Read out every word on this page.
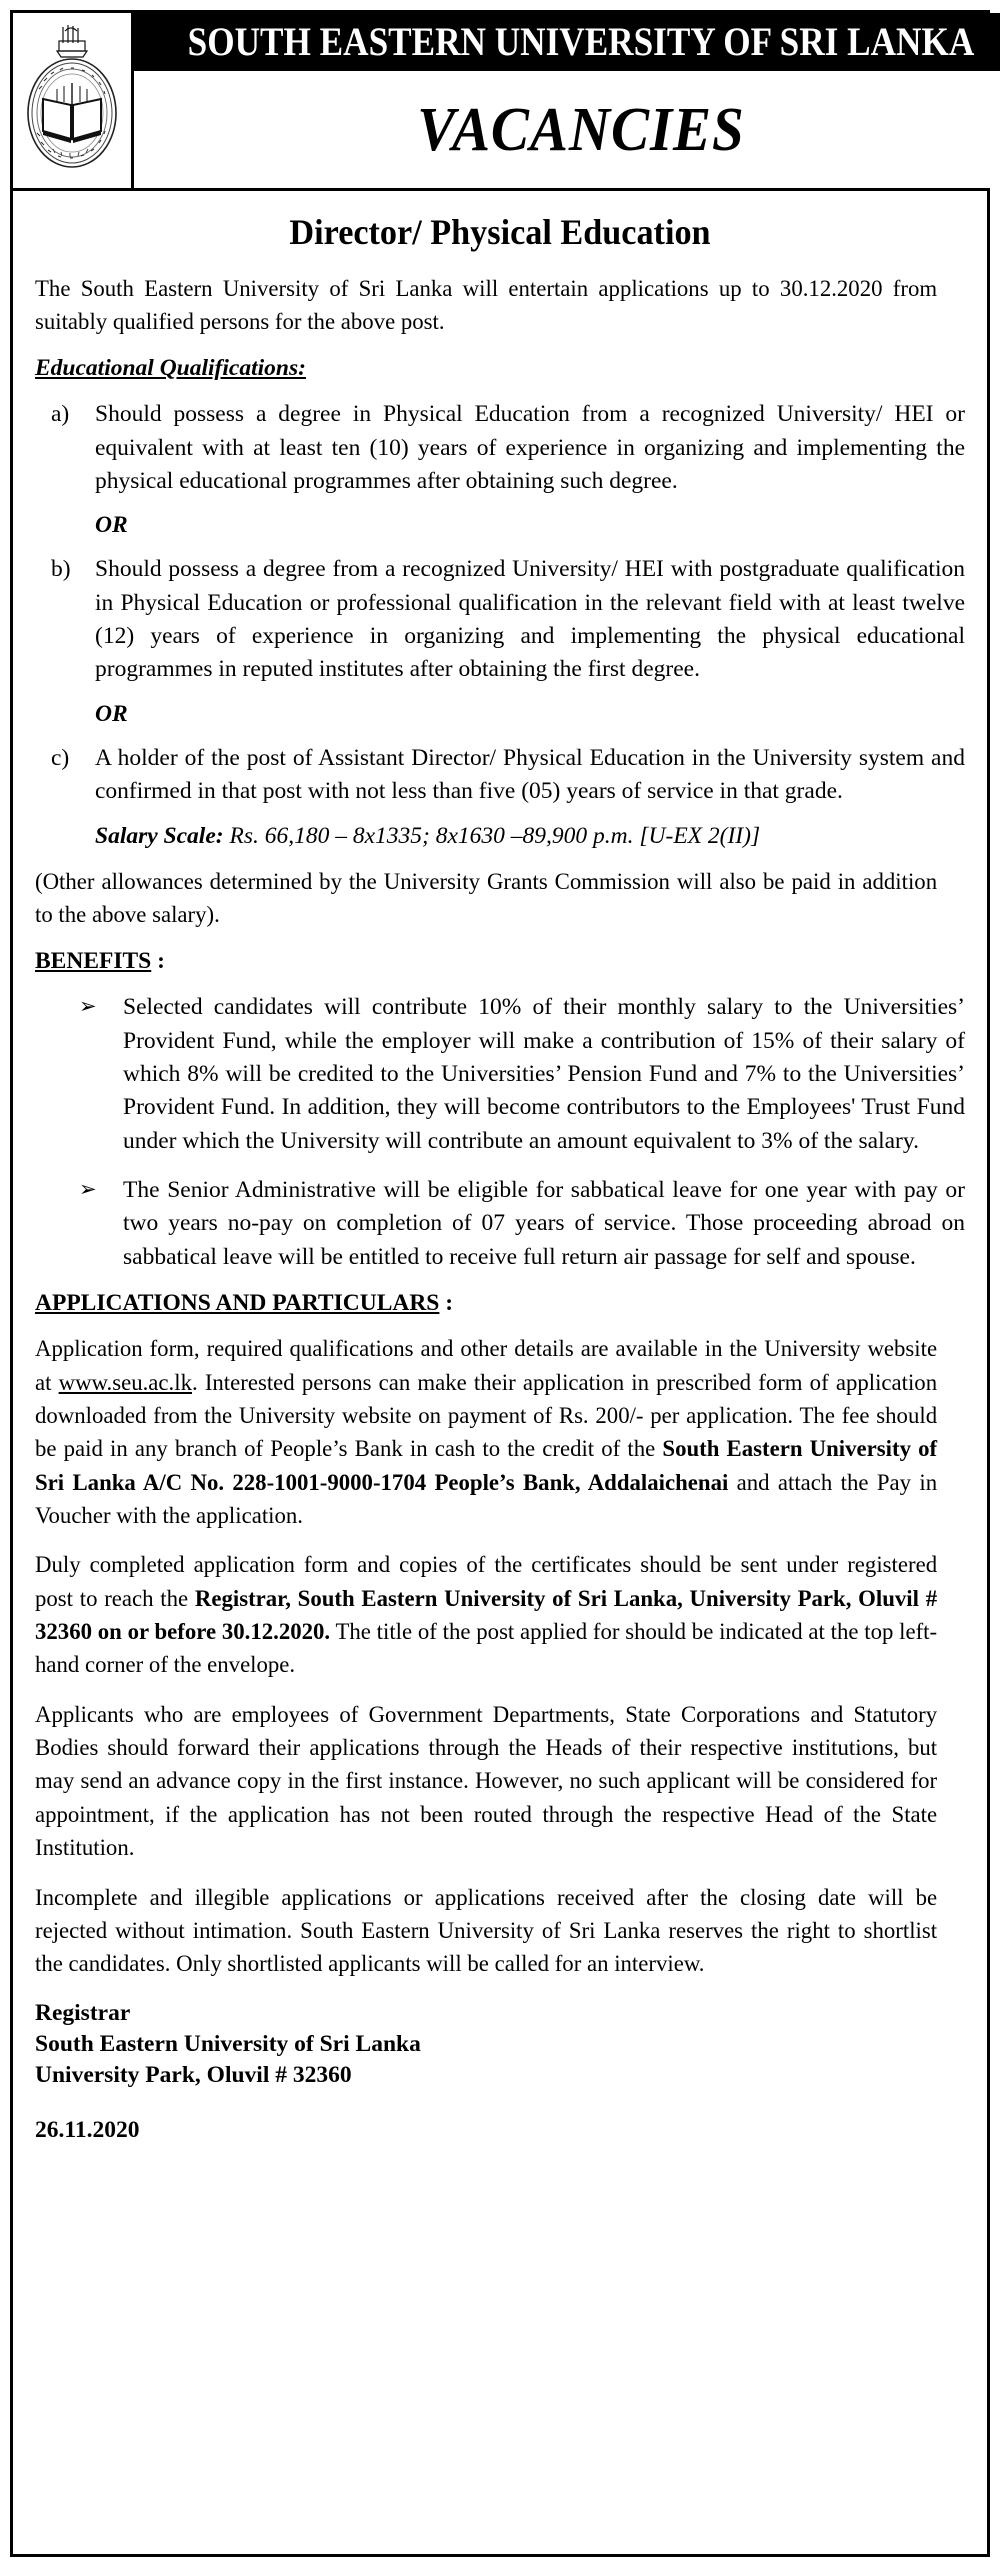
SOUTH EASTERN UNIVERSITY OF SRI LANKA
VACANCIES
Director/ Physical Education

The South Eastern University of Sri Lanka will entertain applications up to 30.12.2020 from suitably qualified persons for the above post.

Educational Qualifications:
a)	Should possess a degree in Physical Education from a recognized University/ HEI or equivalent with at least ten (10) years of experience in organizing and implementing the physical educational programmes after obtaining such degree.
OR
b)	Should possess a degree from a recognized University/ HEI with postgraduate qualification in Physical Education or professional qualification in the relevant field with at least twelve (12) years of experience in organizing and implementing the physical educational programmes in reputed institutes after obtaining the first degree.
OR
c)	A holder of the post of Assistant Director/ Physical Education in the University system and confirmed in that post with not less than five (05) years of service in that grade.
Salary Scale: Rs. 66,180 – 8x1335; 8x1630 –89,900 p.m. [U-EX 2(II)]

(Other allowances determined by the University Grants Commission will also be paid in addition to the above salary).

BENEFITS :
➢	Selected candidates will contribute 10% of their monthly salary to the Universities’ Provident Fund, while the employer will make a contribution of 15% of their salary of which 8% will be credited to the Universities’ Pension Fund and 7% to the Universities’ Provident Fund. In addition, they will become contributors to the Employees' Trust Fund under which the University will contribute an amount equivalent to 3% of the salary.
➢	The Senior Administrative will be eligible for sabbatical leave for one year with pay or two years no-pay on completion of 07 years of service. Those proceeding abroad on sabbatical leave will be entitled to receive full return air passage for self and spouse.
APPLICATIONS AND PARTICULARS :

Application form, required qualifications and other details are available in the University website at www.seu.ac.lk. Interested persons can make their application in prescribed form of application downloaded from the University website on payment of Rs. 200/- per application. The fee should be paid in any branch of People’s Bank in cash to the credit of the South Eastern University of Sri Lanka A/C No. 228-1001-9000-1704 People’s Bank, Addalaichenai and attach the Pay in Voucher with the application.

Duly completed application form and copies of the certificates should be sent under registered post to reach the Registrar, South Eastern University of Sri Lanka, University Park, Oluvil # 32360 on or before 30.12.2020. The title of the post applied for should be indicated at the top left-hand corner of the envelope.

Applicants who are employees of Government Departments, State Corporations and Statutory Bodies should forward their applications through the Heads of their respective institutions, but may send an advance copy in the first instance. However, no such applicant will be considered for appointment, if the application has not been routed through the respective Head of the State Institution.

Incomplete and illegible applications or applications received after the closing date will be rejected without intimation. South Eastern University of Sri Lanka reserves the right to shortlist the candidates. Only shortlisted applicants will be called for an interview.

Registrar
South Eastern University of Sri Lanka
University Park, Oluvil # 32360
26.11.2020
